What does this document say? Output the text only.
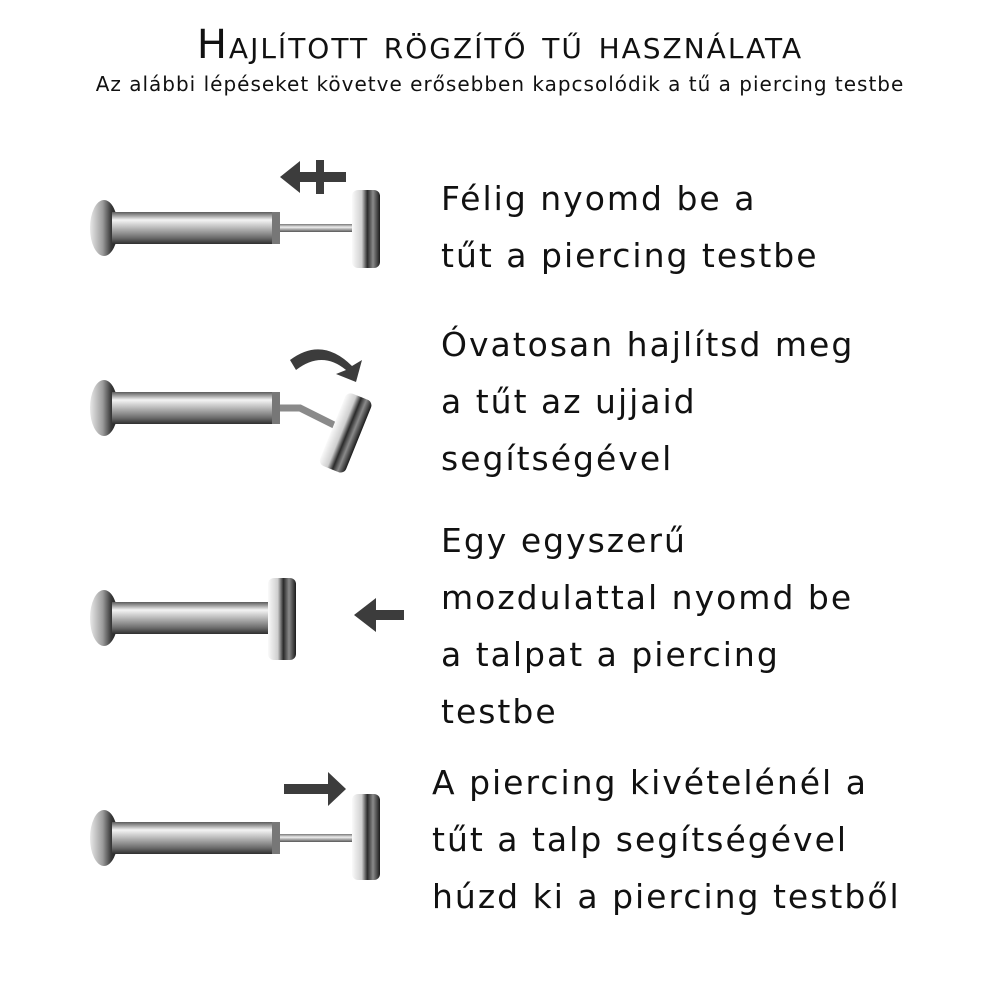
Hajlított rögzítő tű használata
Az alábbi lépéseket követve erősebben kapcsolódik a tű a piercing testbe
Félig nyomd be a
tűt a piercing testbe
Óvatosan hajlítsd meg
a tűt az ujjaid
segítségével
Egy egyszerű
mozdulattal nyomd be
a talpat a piercing
testbe
A piercing kivételénél a
tűt a talp segítségével
húzd ki a piercing testből
